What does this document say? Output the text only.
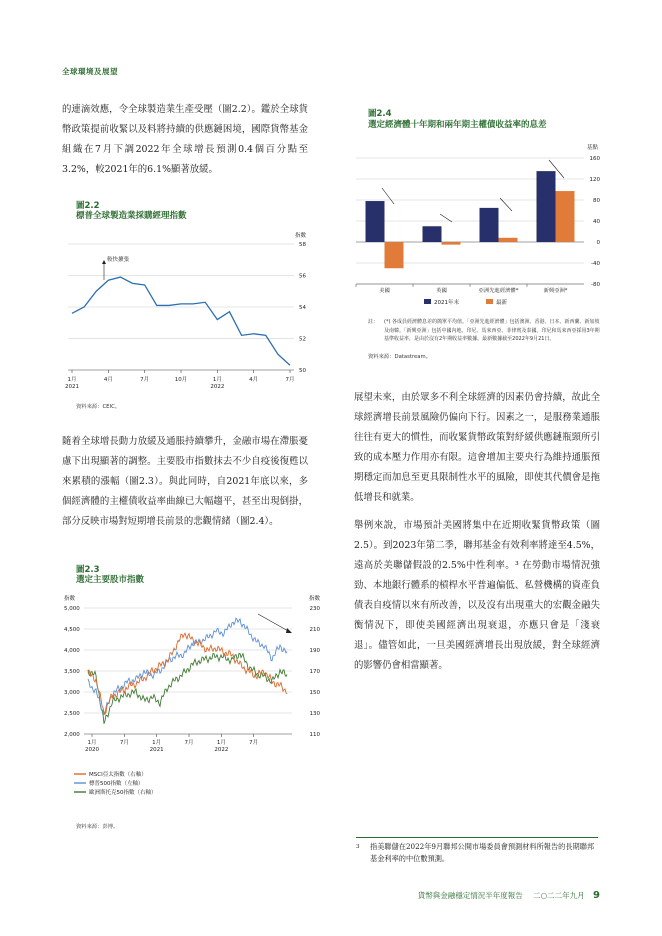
全球環境及展望

的連滴效應，令全球製造業生產受壓（圖2.2）。鑑於全球貨幣政策提前收緊以及料將持續的供應鏈困境，國際貨幣基金組織在7月下調2022年全球增長預測0.4個百分點至3.2%，較2021年的6.1%顯著放緩。

圖2.2
標普全球製造業採購經理指數
指數
58
56
54
52
50
1月
2021
4月	7月	10月	1月
2022
4月	7月
較快擴張
資料來源：CEIC。

隨着全球增長動力放緩及通脹持續攀升，金融市場在滯脹憂慮下出現顯著的調整。主要股市指數抹去不少自疫後復甦以來累積的漲幅（圖2.3）。與此同時，自2021年底以來，多個經濟體的主權債收益率曲線已大幅趨平，甚至出現倒掛，部分反映市場對短期增長前景的悲觀情緒（圖2.4）。

圖2.3
選定主要股市指數
指數	指數
5,000	230
4,500	210
4,000	190
3,500	170
3,000	150
2,500	130
2,000	110
1月
2020
7月	1月
2021
7月	1月
2022
7月
MSCI亞太指數（右軸）
標普500指數（左軸）
歐洲斯托克50指數（右軸）
資料來源：彭博。
圖2.4
選定經濟體十年期和兩年期主權債收益率的息差
基點
160
120
80
40
0
-40
-80
美國	英國	亞洲先進經濟體*	新興亞洲*
2021年末	最新
註：	(*) 各成員經濟體息差的簡單平均值。「亞洲先進經濟體」包括澳洲、香港、日本、新西蘭、新加坡及南韓。「新興亞洲」包括中國內地、印尼、馬來西亞、菲律賓及泰國。印尼和馬來西亞採用3年期基準收益率，是由於沒有2年期收益率數據。最新數據截至2022年9月21日。
資料來源：Datastream。

展望未來，由於眾多不利全球經濟的因素仍會持續，故此全球經濟增長前景風險仍偏向下行。因素之一，是服務業通脹往往有更大的慣性，而收緊貨幣政策對紓緩供應鏈瓶頸所引致的成本壓力作用亦有限。這會增加主要央行為維持通脹預期穩定而加息至更具限制性水平的風險，即使其代價會是拖低增長和就業。

舉例來說，市場預計美國將集中在近期收緊貨幣政策（圖2.5）。到2023年第二季，聯邦基金有效利率將達至4.5%，遠高於美聯儲假設的2.5%中性利率。³ 在勞動市場情況強勁、本地銀行體系的槓桿水平普遍偏低、私營機構的資產負債表自疫情以來有所改善，以及沒有出現重大的宏觀金融失衡情況下，即使美國經濟出現衰退，亦應只會是「淺衰退」。儘管如此，一旦美國經濟增長出現放緩，對全球經濟的影響仍會相當顯著。

3	指美聯儲在2022年9月聯邦公開市場委員會預測材料所報告的長期聯邦基金利率的中位數預測。
貨幣與金融穩定情況半年度報告 二○二二年九月 9
